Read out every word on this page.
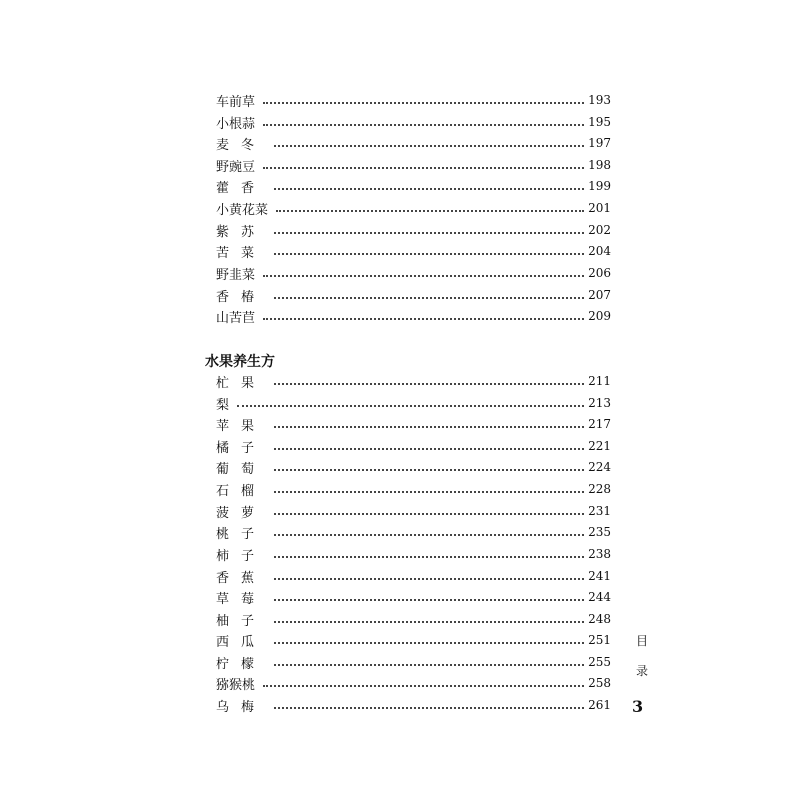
车前草	193
小根蒜	195
麦冬	197
野豌豆	198
藿香	199
小黄花菜	201
紫苏	202
苦菜	204
野韭菜	206
香椿	207
山苦苣	209
水果养生方
杧果	211
梨	213
苹果	217
橘子	221
葡萄	224
石榴	228
菠萝	231
桃子	235
柿子	238
香蕉	241
草莓	244
柚子	248
西瓜	251
柠檬	255
猕猴桃	258
乌梅	261
目
录
3
